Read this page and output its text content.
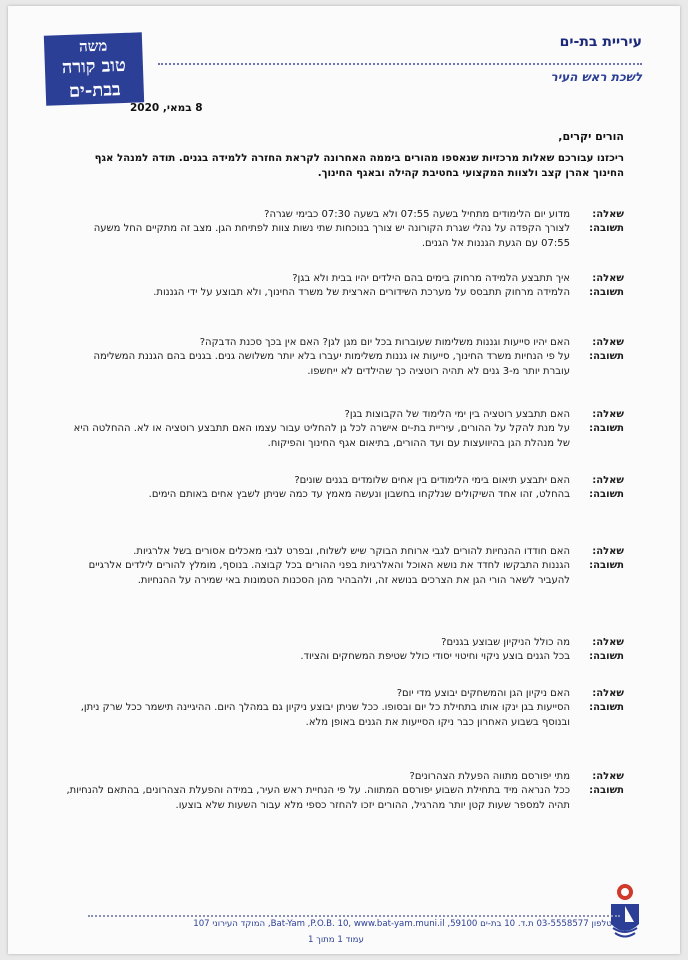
משה
טוב קורה
בבת-ים
עיריית בת-ים
לשכת ראש העיר
8 במאי, 2020
הורים יקרים,
ריכזנו עבורכם שאלות מרכזיות שנאספו מהורים ביממה האחרונה לקראת החזרה ללמידה בגנים. תודה למנהל אגף החינוך אהרן קצב ולצוות המקצועי בחטיבת קהילה ובאגף החינוך.
שאלה:
מדוע יום הלימודים מתחיל בשעה 07:55 ולא בשעה 07:30 כבימי שגרה?
תשובה:
לצורך הקפדה על נהלי שגרת הקורונה יש צורך בנוכחות שתי נשות צוות לפתיחת הגן. מצב זה מתקיים החל משעה 07:55 עם הגעת הגננות אל הגנים.
שאלה:
איך תתבצע הלמידה מרחוק בימים בהם הילדים יהיו בבית ולא בגן?
תשובה:
הלמידה מרחוק תתבסס על מערכת השידורים הארצית של משרד החינוך, ולא תבוצע על ידי הגננות.
שאלה:
האם יהיו סייעות וגננות משלימות שעוברות בכל יום מגן לגן? האם אין בכך סכנת הדבקה?
תשובה:
על פי הנחיות משרד החינוך, סייעות או גננות משלימות יעברו בלא יותר משלושה גנים. בגנים בהם הגננת המשלימה עוברת יותר מ-3 גנים לא תהיה רוטציה כך שהילדים לא ייחשפו.
שאלה:
האם תתבצע רוטציה בין ימי הלימוד של הקבוצות בגן?
תשובה:
על מנת להקל על ההורים, עיריית בת-ים אישרה לכל גן להחליט עבור עצמו האם תתבצע רוטציה או לא. ההחלטה היא של מנהלת הגן בהיוועצות עם ועד ההורים, בתיאום אגף החינוך והפיקוח.
שאלה:
האם יתבצע תיאום בימי הלימודים בין אחים שלומדים בגנים שונים?
תשובה:
בהחלט, זהו אחד השיקולים שנלקחו בחשבון ונעשה מאמץ עד כמה שניתן לשבץ אחים באותם הימים.
שאלה:
האם חודדו ההנחיות להורים לגבי ארוחת הבוקר שיש לשלוח, ובפרט לגבי מאכלים אסורים בשל אלרגיות.
תשובה:
הגננות התבקשו לחדד את נושא האוכל והאלרגיות בפני ההורים בכל קבוצה. בנוסף, מומלץ להורים לילדים אלרגיים להעביר לשאר הורי הגן את הצרכים בנושא זה, ולהבהיר מהן הסכנות הטמונות באי שמירה על ההנחיות.
שאלה:
מה כולל הניקיון שבוצע בגנים?
תשובה:
בכל הגנים בוצע ניקוי וחיטוי יסודי כולל שטיפת המשחקים והציוד.
שאלה:
האם ניקיון הגן והמשחקים יבוצע מדי יום?
תשובה:
הסייעות בגן ינקו אותו בתחילת כל יום ובסופו. ככל שניתן יבוצע ניקיון גם במהלך היום. ההיגיינה תישמר ככל שרק ניתן, ובנוסף בשבוע האחרון כבר ניקו הסייעות את הגנים באופן מלא.
שאלה:
מתי יפורסם מתווה הפעלת הצהרונים?
תשובה:
ככל הנראה מיד בתחילת השבוע יפורסם המתווה. על פי הנחיית ראש העיר, במידה והפעלת הצהרונים, בהתאם להנחיות, תהיה למספר שעות קטן יותר מהרגיל, ההורים יזכו להחזר כספי מלא עבור השעות שלא בוצעו.
טלפון 03-5558577 ת.ד. 10 בת-ים 59100, Bat-Yam ,P.O.B. 10, www.bat-yam.muni.il, המוקד העירוני 107
עמוד 1 מתוך 1
